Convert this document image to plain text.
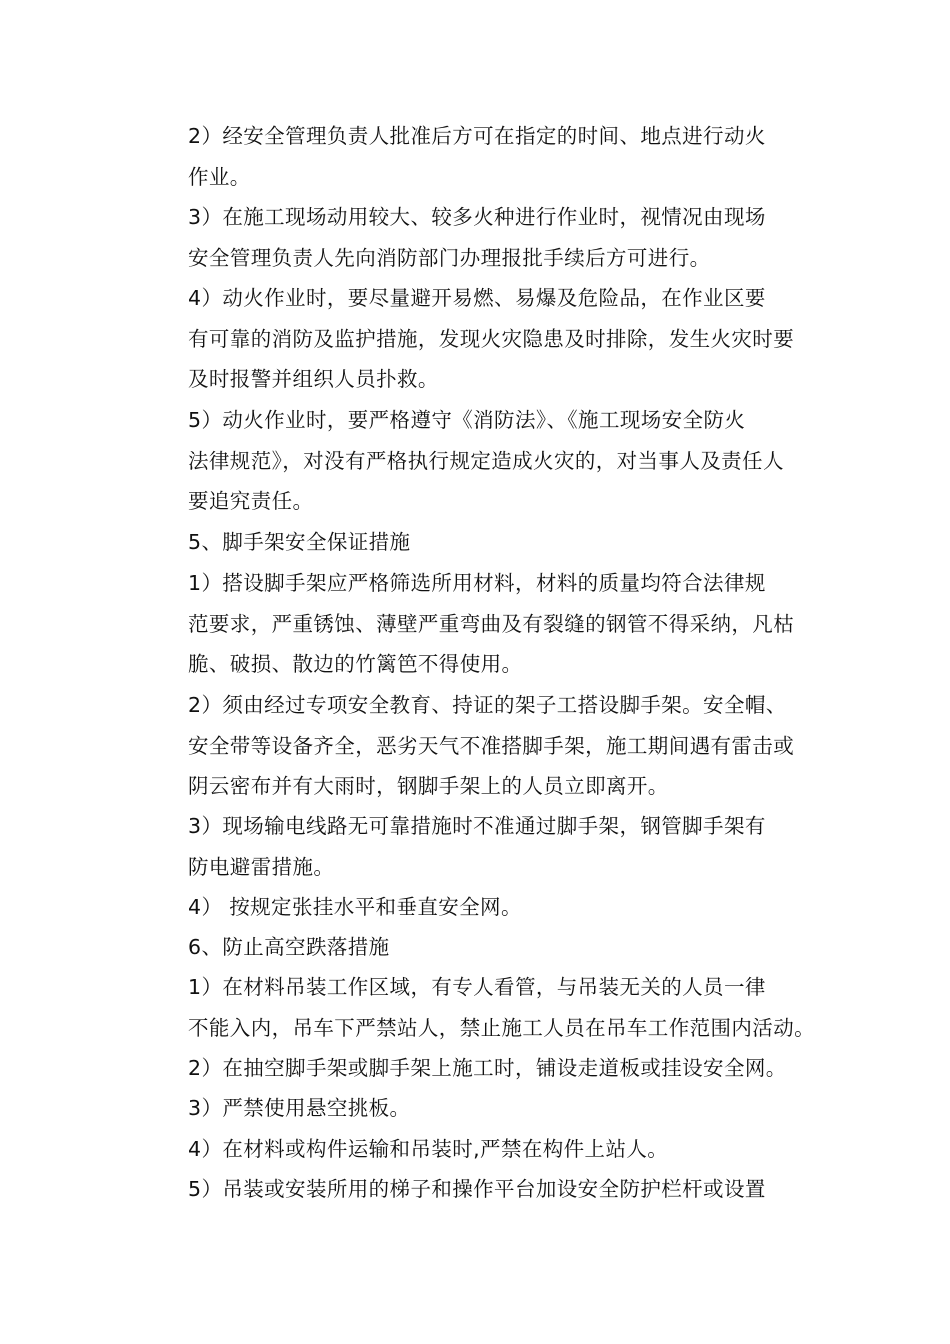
2）经安全管理负责人批准后方可在指定的时间、地点进行动火
作业。
3）在施工现场动用较大、较多火种进行作业时，视情况由现场
安全管理负责人先向消防部门办理报批手续后方可进行。
4）动火作业时，要尽量避开易燃、易爆及危险品，在作业区要
有可靠的消防及监护措施，发现火灾隐患及时排除，发生火灾时要
及时报警并组织人员扑救。
5）动火作业时，要严格遵守《消防法》、《施工现场安全防火
法律规范》，对没有严格执行规定造成火灾的，对当事人及责任人
要追究责任。
5、脚手架安全保证措施
1）搭设脚手架应严格筛选所用材料，材料的质量均符合法律规
范要求，严重锈蚀、薄壁严重弯曲及有裂缝的钢管不得采纳，凡枯
脆、破损、散边的竹篱笆不得使用。
2）须由经过专项安全教育、持证的架子工搭设脚手架。安全帽、
安全带等设备齐全，恶劣天气不准搭脚手架，施工期间遇有雷击或
阴云密布并有大雨时，钢脚手架上的人员立即离开。
3）现场输电线路无可靠措施时不准通过脚手架，钢管脚手架有
防电避雷措施。
4） 按规定张挂水平和垂直安全网。
6、防止高空跌落措施
1）在材料吊装工作区域，有专人看管，与吊装无关的人员一律
不能入内，吊车下严禁站人，禁止施工人员在吊车工作范围内活动。
2）在抽空脚手架或脚手架上施工时，铺设走道板或挂设安全网。
3）严禁使用悬空挑板。
4）在材料或构件运输和吊装时,严禁在构件上站人。
5）吊装或安装所用的梯子和操作平台加设安全防护栏杆或设置
